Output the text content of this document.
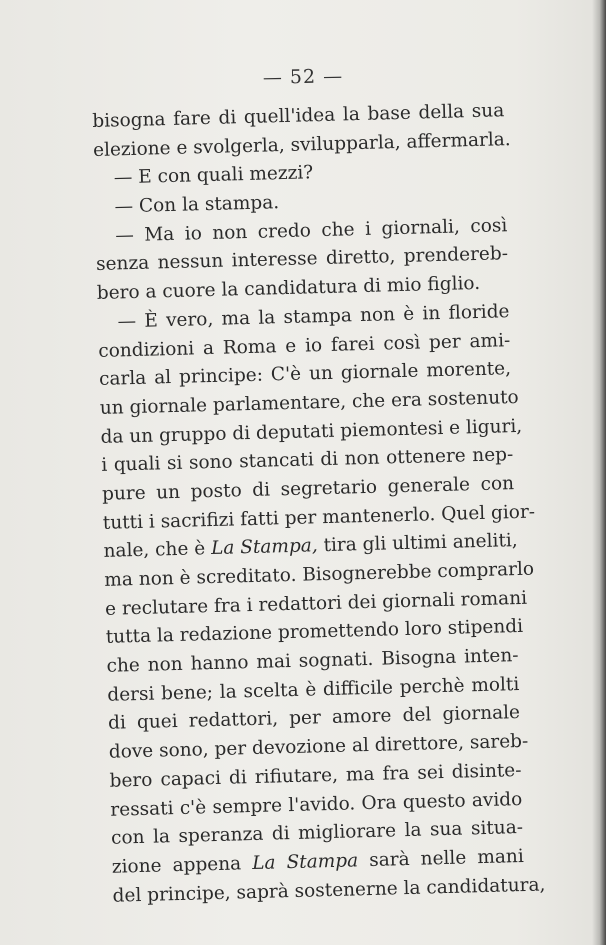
— 52 —
bisogna fare di quell'idea la base della sua
elezione e svolgerla, svilupparla, affermarla.
— E con quali mezzi?
— Con la stampa.
— Ma io non credo che i giornali, così
senza nessun interesse diretto, prendereb-
bero a cuore la candidatura di mio figlio.
— È vero, ma la stampa non è in floride
condizioni a Roma e io farei così per ami-
carla al principe: C'è un giornale morente,
un giornale parlamentare, che era sostenuto
da un gruppo di deputati piemontesi e liguri,
i quali si sono stancati di non ottenere nep-
pure un posto di segretario generale con
tutti i sacrifizi fatti per mantenerlo. Quel gior-
nale, che è La Stampa, tira gli ultimi aneliti,
ma non è screditato. Bisognerebbe comprarlo
e reclutare fra i redattori dei giornali romani
tutta la redazione promettendo loro stipendi
che non hanno mai sognati. Bisogna inten-
dersi bene; la scelta è difficile perchè molti
di quei redattori, per amore del giornale
dove sono, per devozione al direttore, sareb-
bero capaci di rifiutare, ma fra sei disinte-
ressati c'è sempre l'avido. Ora questo avido
con la speranza di migliorare la sua situa-
zione appena La Stampa sarà nelle mani
del principe, saprà sostenerne la candidatura,
